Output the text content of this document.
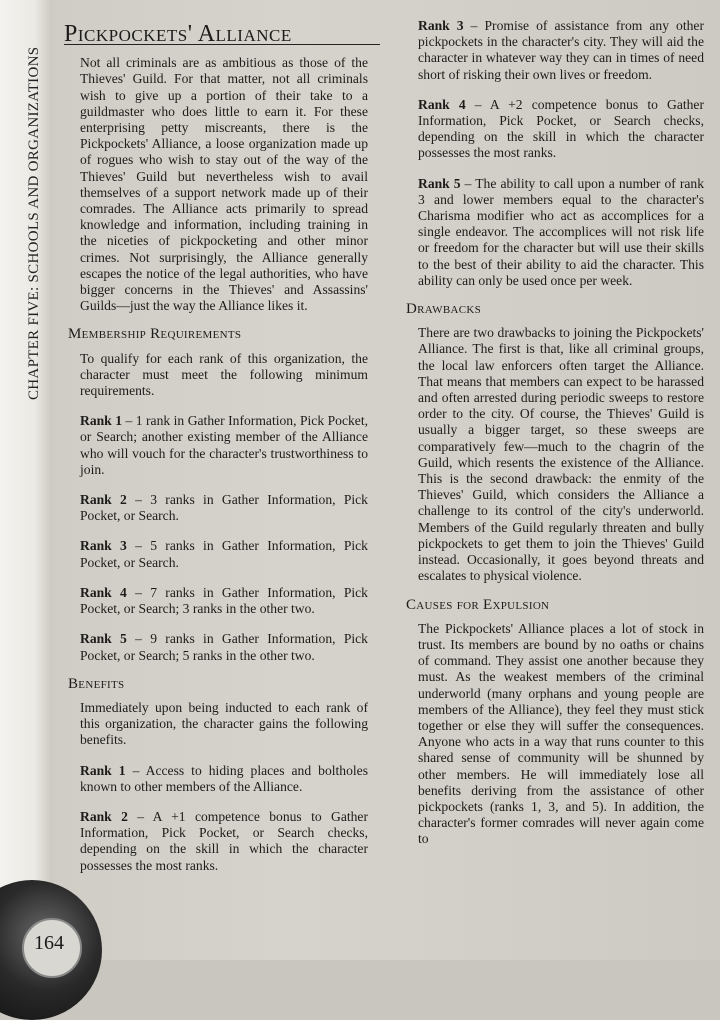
CHAPTER FIVE: SCHOOLS AND ORGANIZATIONS
164
Pickpockets' Alliance

Not all criminals are as ambitious as those of the Thieves' Guild. For that matter, not all criminals wish to give up a portion of their take to a guildmaster who does little to earn it. For these enterprising petty miscreants, there is the Pickpockets' Alliance, a loose organization made up of rogues who wish to stay out of the way of the Thieves' Guild but nevertheless wish to avail themselves of a support network made up of their comrades. The Alliance acts primarily to spread knowledge and information, including training in the niceties of pickpocketing and other minor crimes. Not surprisingly, the Alliance generally escapes the notice of the legal authorities, who have bigger concerns in the Thieves' and Assassins' Guilds—just the way the Alliance likes it.

Membership Requirements

To qualify for each rank of this organization, the character must meet the following minimum requirements.

Rank 1 – 1 rank in Gather Information, Pick Pocket, or Search; another existing member of the Alliance who will vouch for the character's trustworthiness to join.

Rank 2 – 3 ranks in Gather Information, Pick Pocket, or Search.

Rank 3 – 5 ranks in Gather Information, Pick Pocket, or Search.

Rank 4 – 7 ranks in Gather Information, Pick Pocket, or Search; 3 ranks in the other two.

Rank 5 – 9 ranks in Gather Information, Pick Pocket, or Search; 5 ranks in the other two.

Benefits

Immediately upon being inducted to each rank of this organization, the character gains the following benefits.

Rank 1 – Access to hiding places and boltholes known to other members of the Alliance.

Rank 2 – A +1 competence bonus to Gather Information, Pick Pocket, or Search checks, depending on the skill in which the character possesses the most ranks.

Rank 3 – Promise of assistance from any other pickpockets in the character's city. They will aid the character in whatever way they can in times of need short of risking their own lives or freedom.

Rank 4 – A +2 competence bonus to Gather Information, Pick Pocket, or Search checks, depending on the skill in which the character possesses the most ranks.

Rank 5 – The ability to call upon a number of rank 3 and lower members equal to the character's Charisma modifier who act as accomplices for a single endeavor. The accomplices will not risk life or freedom for the character but will use their skills to the best of their ability to aid the character. This ability can only be used once per week.

Drawbacks

There are two drawbacks to joining the Pickpockets' Alliance. The first is that, like all criminal groups, the local law enforcers often target the Alliance. That means that members can expect to be harassed and often arrested during periodic sweeps to restore order to the city. Of course, the Thieves' Guild is usually a bigger target, so these sweeps are comparatively few—much to the chagrin of the Guild, which resents the existence of the Alliance. This is the second drawback: the enmity of the Thieves' Guild, which considers the Alliance a challenge to its control of the city's underworld. Members of the Guild regularly threaten and bully pickpockets to get them to join the Thieves' Guild instead. Occasionally, it goes beyond threats and escalates to physical violence.

Causes for Expulsion

The Pickpockets' Alliance places a lot of stock in trust. Its members are bound by no oaths or chains of command. They assist one another because they must. As the weakest members of the criminal underworld (many orphans and young people are members of the Alliance), they feel they must stick together or else they will suffer the consequences. Anyone who acts in a way that runs counter to this shared sense of community will be shunned by other members. He will immediately lose all benefits deriving from the assistance of other pickpockets (ranks 1, 3, and 5). In addition, the character's former comrades will never again come to
